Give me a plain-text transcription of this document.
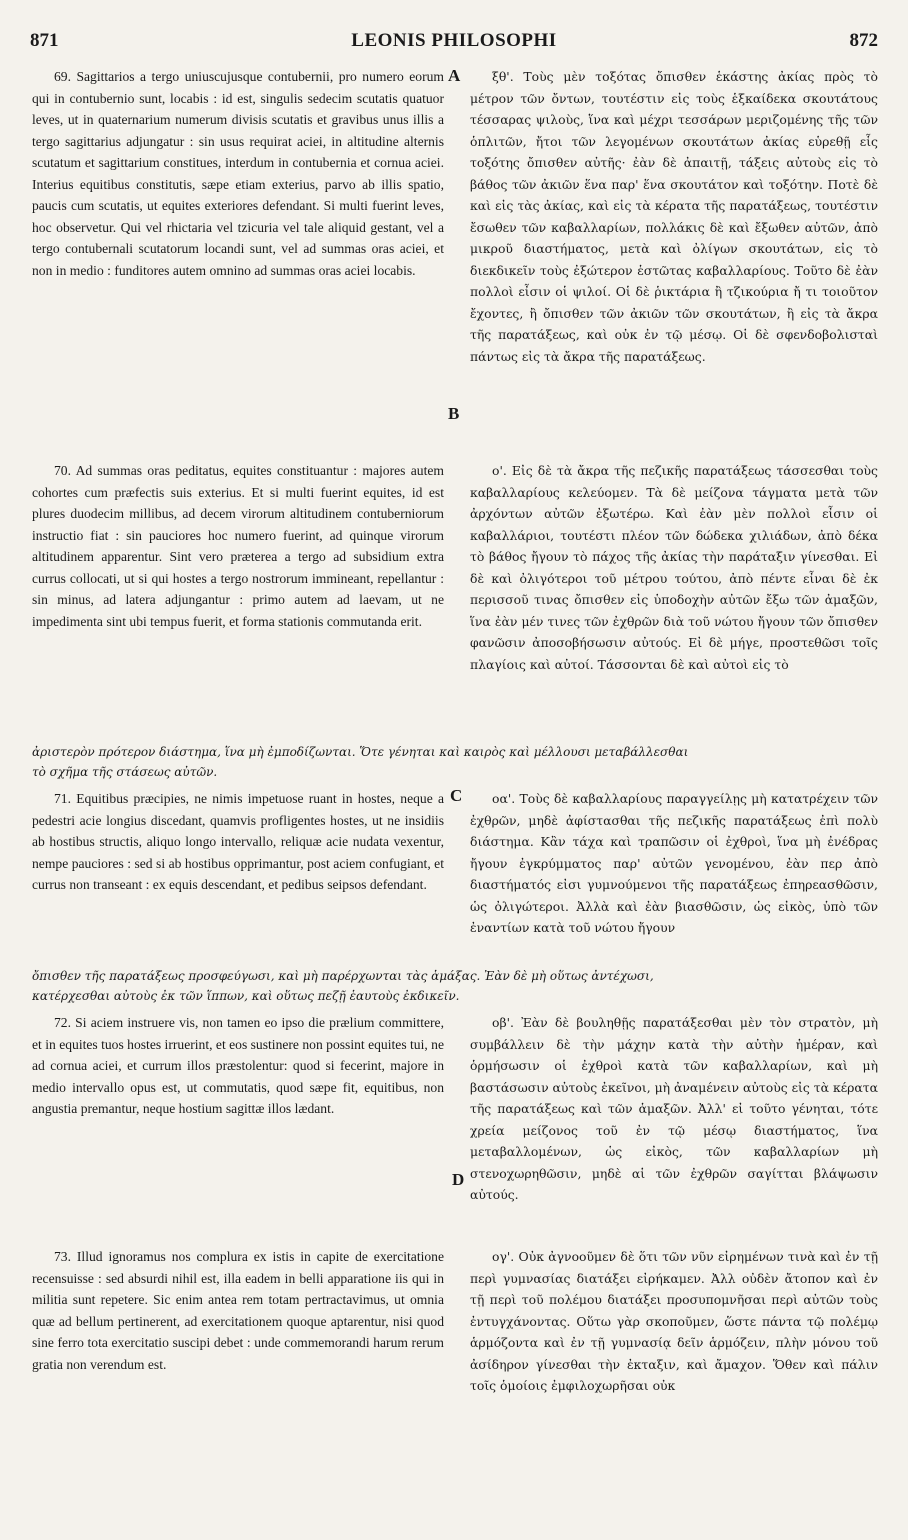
871	LEONIS PHILOSOPHI	872

69. Sagittarios a tergo uniuscujusque contubernii, pro numero eorum qui in contubernio sunt, locabis : id est, singulis sedecim scutatis quatuor leves, ut in quaternarium numerum divisis scutatis et gravibus unus illis a tergo sagittarius adjungatur : sin usus requirat aciei, in altitudine alternis scutatum et sagittarium constitues, interdum in contubernia et cornua aciei. Interius equitibus constitutis, sæpe etiam exterius, parvo ab illis spatio, paucis cum scutatis, ut equites exteriores defendant. Si multi fuerint leves, hoc observetur. Qui vel rhictaria vel tzicuria vel tale aliquid gestant, vel a tergo contubernali scutatorum locandi sunt, vel ad summas oras aciei, et non in medio : funditores autem omnino ad summas oras aciei locabis.

70. Ad summas oras peditatus, equites constituantur : majores autem cohortes cum præfectis suis exterius. Et si multi fuerint equites, id est plures duodecim millibus, ad decem virorum altitudinem contuberniorum instructio fiat : sin pauciores hoc numero fuerint, ad quinque virorum altitudinem apparentur. Sint vero præterea a tergo ad subsidium extra currus collocati, ut si qui hostes a tergo nostrorum immineant, repellantur : sin minus, ad latera adjungantur : primo autem ad laevam, ut ne impedimenta sint ubi tempus fuerit, et forma stationis commutanda erit.

71. Equitibus præcipies, ne nimis impetuose ruant in hostes, neque a pedestri acie longius discedant, quamvis profligentes hostes, ut ne insidiis ab hostibus structis, aliquo longo intervallo, reliquæ acie nudata vexentur, nempe pauciores : sed si ab hostibus opprimantur, post aciem confugiant, et currus non transeant : ex equis descendant, et pedibus seipsos defendant.

72. Si aciem instruere vis, non tamen eo ipso die prælium committere, et in equites tuos hostes irruerint, et eos sustinere non possint equites tui, ne ad cornua aciei, et currum illos præstolentur: quod si fecerint, majore in medio intervallo opus est, ut commutatis, quod sæpe fit, equitibus, non angustia premantur, neque hostium sagittæ illos lædant.

73. Illud ignoramus nos complura ex istis in capite de exercitatione recensuisse : sed absurdi nihil est, illa eadem in belli apparatione iis qui in militia sunt repetere. Sic enim antea rem totam pertractavimus, ut omnia quæ ad bellum pertinerent, ad exercitationem quoque aptarentur, nisi quod sine ferro tota exercitatio suscipi debet : unde commemorandi harum rerum gratia non verendum est.

ξθ'. Τοὺς μὲν τοξότας ὄπισθεν ἑκάστης ἀκίας πρὸς τὸ μέτρον τῶν ὄντων, τουτέστιν εἰς τοὺς ἑξκαίδεκα σκουτάτους τέσσαρας ψιλοὺς, ἵνα καὶ μέχρι τεσσάρων μεριζομένης τῆς τῶν ὁπλιτῶν, ἤτοι τῶν λεγομένων σκουτάτων ἀκίας εὑρεθῇ εἷς τοξότης ὄπισθεν αὐτῆς· ἐὰν δὲ ἀπαιτῇ, τάξεις αὐτοὺς εἰς τὸ βάθος τῶν ἀκιῶν ἕνα παρ' ἕνα σκουτάτον καὶ τοξότην. Ποτὲ δὲ καὶ εἰς τὰς ἀκίας, καὶ εἰς τὰ κέρατα τῆς παρατάξεως, τουτέστιν ἔσωθεν τῶν καβαλλαρίων, πολλάκις δὲ καὶ ἔξωθεν αὐτῶν, ἀπὸ μικροῦ διαστήματος, μετὰ καὶ ὀλίγων σκουτάτων, εἰς τὸ διεκδικεῖν τοὺς ἐξώτερον ἑστῶτας καβαλλαρίους. Τοῦτο δὲ ἐὰν πολλοὶ εἶσιν οἱ ψιλοί. Οἱ δὲ ῥικτάρια ἢ τζικούρια ἤ τι τοιοῦτον ἔχοντες, ἢ ὄπισθεν τῶν ἀκιῶν τῶν σκουτάτων, ἢ εἰς τὰ ἄκρα τῆς παρατάξεως, καὶ οὐκ ἐν τῷ μέσῳ. Οἱ δὲ σφενδοβολισταὶ πάντως εἰς τὰ ἄκρα τῆς παρατάξεως.

ο'. Εἰς δὲ τὰ ἄκρα τῆς πεζικῆς παρατάξεως τάσσεσθαι τοὺς καβαλλαρίους κελεύομεν. Τὰ δὲ μείζονα τάγματα μετὰ τῶν ἀρχόντων αὐτῶν ἐξωτέρω. Καὶ ἐὰν μὲν πολλοὶ εἶσιν οἱ καβαλλάριοι, τουτέστι πλέον τῶν δώδεκα χιλιάδων, ἀπὸ δέκα τὸ βάθος ἤγουν τὸ πάχος τῆς ἀκίας τὴν παράταξιν γίνεσθαι. Εἰ δὲ καὶ ὀλιγότεροι τοῦ μέτρου τούτου, ἀπὸ πέντε εἶναι δὲ ἐκ περισσοῦ τινας ὄπισθεν εἰς ὑποδοχὴν αὐτῶν ἔξω τῶν ἀμαξῶν, ἵνα ἐὰν μέν τινες τῶν ἐχθρῶν διὰ τοῦ νώτου ἤγουν τῶν ὄπισθεν φανῶσιν ἀποσοβήσωσιν αὐτούς. Εἰ δὲ μήγε, προστεθῶσι τοῖς πλαγίοις καὶ αὐτοί. Τάσσονται δὲ καὶ αὐτοὶ εἰς τὸ

οα'. Τοὺς δὲ καβαλλαρίους παραγγείλῃς μὴ κατατρέχειν τῶν ἐχθρῶν, μηδὲ ἀφίστασθαι τῆς πεζικῆς παρατάξεως ἐπὶ πολὺ διάστημα. Κἂν τάχα καὶ τραπῶσιν οἱ ἐχθροὶ, ἵνα μὴ ἐνέδρας ἤγουν ἐγκρύμματος παρ' αὐτῶν γενομένου, ἐὰν περ ἀπὸ διαστήματός εἰσι γυμνούμενοι τῆς παρατάξεως ἐπηρεασθῶσιν, ὡς ὀλιγώτεροι. Ἀλλὰ καὶ ἐὰν βιασθῶσιν, ὡς εἰκὸς, ὑπὸ τῶν ἐναντίων κατὰ τοῦ νώτου ἤγουν

οβ'. Ἐὰν δὲ βουληθῇς παρατάξεσθαι μὲν τὸν στρατὸν, μὴ συμβάλλειν δὲ τὴν μάχην κατὰ τὴν αὐτὴν ἡμέραν, καὶ ὁρμήσωσιν οἱ ἐχθροὶ κατὰ τῶν καβαλλαρίων, καὶ μὴ βαστάσωσιν αὐτοὺς ἐκεῖνοι, μὴ ἀναμένειν αὐτοὺς εἰς τὰ κέρατα τῆς παρατάξεως καὶ τῶν ἁμαξῶν. Ἀλλ' εἰ τοῦτο γένηται, τότε χρεία μείζονος τοῦ ἐν τῷ μέσῳ διαστήματος, ἵνα μεταβαλλομένων, ὡς εἰκὸς, τῶν καβαλλαρίων μὴ στενοχωρηθῶσιν, μηδὲ αἱ τῶν ἐχθρῶν σαγίτται βλάψωσιν αὐτούς.

ογ'. Οὐκ ἀγνοοῦμεν δὲ ὅτι τῶν νῦν εἰρημένων τινὰ καὶ ἐν τῇ περὶ γυμνασίας διατάξει εἰρήκαμεν. Ἀλλ οὐδὲν ἄτοπον καὶ ἐν τῇ περὶ τοῦ πολέμου διατάξει προσυπομνῆσαι περὶ αὐτῶν τοὺς ἐντυγχάνοντας. Οὕτω γὰρ σκοποῦμεν, ὥστε πάντα τῷ πολέμῳ ἁρμόζοντα καὶ ἐν τῇ γυμνασίᾳ δεῖν ἁρμόζειν, πλὴν μόνου τοῦ ἀσίδηρον γίνεσθαι τὴν ἐκταξιν, καὶ ἄμαχον. Ὅθεν καὶ πάλιν τοῖς ὁμοίοις ἐμφιλοχωρῆσαι οὐκ

ἀριστερὸν πρότερον διάστημα, ἵνα μὴ ἐμποδίζωνται. Ὅτε γένηται καὶ καιρὸς καὶ μέλλουσι μεταβάλλεσθαι
τὸ σχῆμα τῆς στάσεως αὐτῶν.
ὄπισθεν τῆς παρατάξεως προσφεύγωσι, καὶ μὴ παρέρχωνται τὰς ἁμάξας. Ἐὰν δὲ μὴ οὕτως ἀντέχωσι,
κατέρχεσθαι αὐτοὺς ἐκ τῶν ἵππων, καὶ οὕτως πεζῇ ἑαυτοὺς ἐκδικεῖν.
A
B
C
D
